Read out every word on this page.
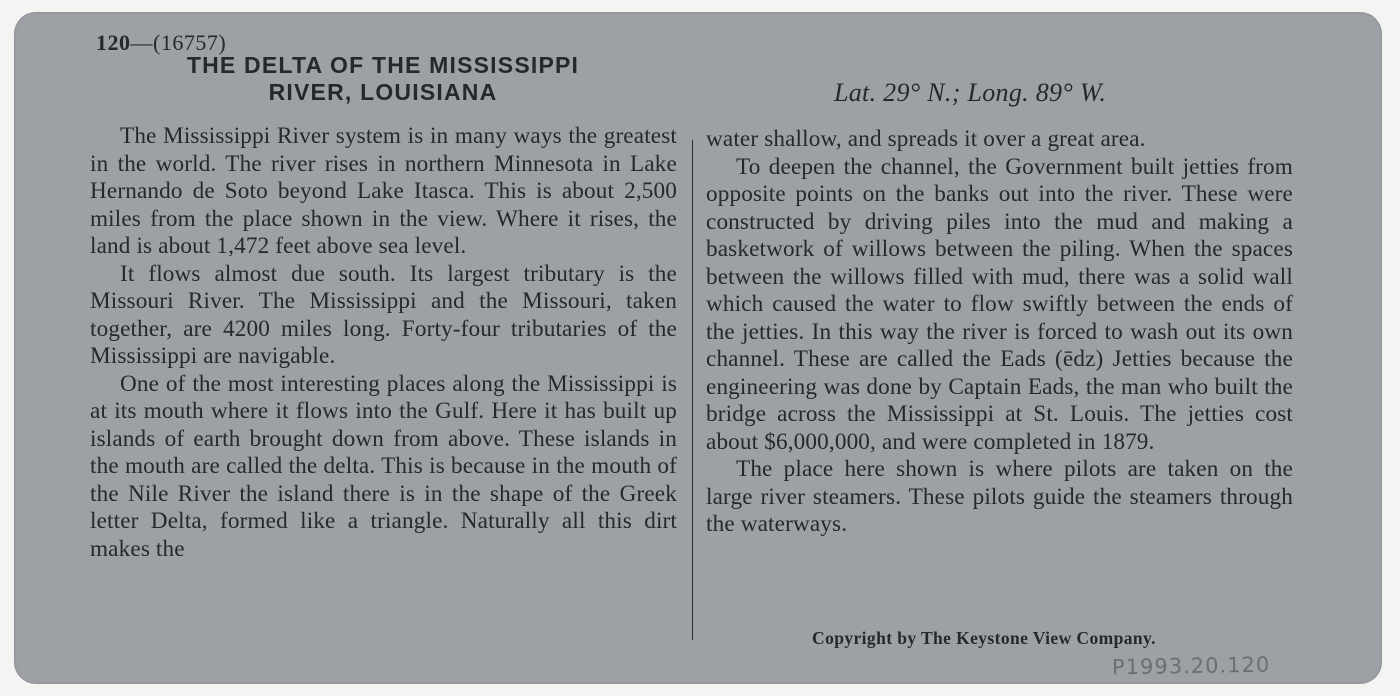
120—(16757)

THE DELTA OF THE MISSISSIPPI
RIVER, LOUISIANA	Lat. 29° N.; Long. 89° W.

The Mississippi River system is in many ways the greatest in the world. The river rises in northern Minnesota in Lake Hernando de Soto beyond Lake Itasca. This is about 2,500 miles from the place shown in the view. Where it rises, the land is about 1,472 feet above sea level.

It flows almost due south. Its largest tributary is the Missouri River. The Mississippi and the Missouri, taken together, are 4200 miles long. Forty-four tributaries of the Mississippi are navigable.

One of the most interesting places along the Mississippi is at its mouth where it flows into the Gulf. Here it has built up islands of earth brought down from above. These islands in the mouth are called the delta. This is because in the mouth of the Nile River the island there is in the shape of the Greek letter Delta, formed like a triangle. Naturally all this dirt makes the

water shallow, and spreads it over a great area.

To deepen the channel, the Government built jetties from opposite points on the banks out into the river. These were constructed by driving piles into the mud and making a basketwork of willows between the piling. When the spaces between the willows filled with mud, there was a solid wall which caused the water to flow swiftly between the ends of the jetties. In this way the river is forced to wash out its own channel. These are called the Eads (ēdz) Jetties because the engineering was done by Captain Eads, the man who built the bridge across the Mississippi at St. Louis. The jetties cost about $6,000,000, and were completed in 1879.

The place here shown is where pilots are taken on the large river steamers. These pilots guide the steamers through the waterways.

Copyright by The Keystone View Company.

P1993.20.120
